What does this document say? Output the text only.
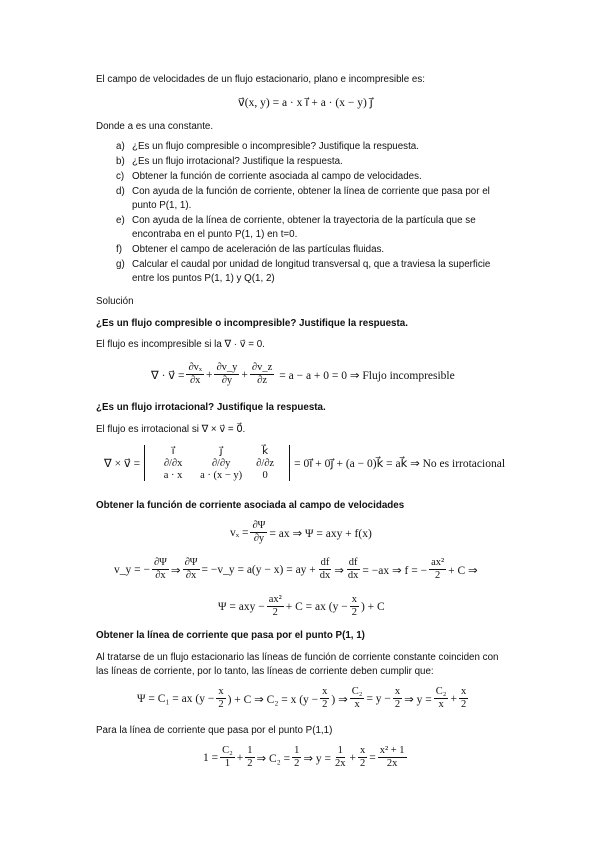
El campo de velocidades de un flujo estacionario, plano e incompresible es:
v⃗(x, y) = a · x i⃗ + a · (x − y) j⃗
Donde a es una constante.
a) ¿Es un flujo compresible o incompresible? Justifique la respuesta.
b) ¿Es un flujo irrotacional? Justifique la respuesta.
c) Obtener la función de corriente asociada al campo de velocidades.
d) Con ayuda de la función de corriente, obtener la línea de corriente que pasa por el
punto P(1, 1).
e) Con ayuda de la línea de corriente, obtener la trayectoria de la partícula que se
encontraba en el punto P(1, 1) en t=0.
f) Obtener el campo de aceleración de las partículas fluidas.
g) Calcular el caudal por unidad de longitud transversal q, que a traviesa la superficie
entre los puntos P(1, 1) y Q(1, 2)
Solución
¿Es un flujo compresible o incompresible? Justifique la respuesta.
El flujo es incompresible si la ∇ · v⃗ = 0.
∇ · v⃗ = $\frac{\text{∂vₓ}}{\partial x} + \frac{\partial v\_y}{\partial y} + \frac{\partial v\_z}{\partial z} = a - a + 0 = 0$ ⇒ Flujo incompresible
¿Es un flujo irrotacional? Justifique la respuesta.
El flujo es irrotacional si ∇ × v⃗ = 0⃗.
∇ × v⃗ =
i⃗	j⃗	k⃗
∂/∂x	∂/∂y	∂/∂z
a · x	a · (x − y)	0
= 0i⃗ + 0j⃗ + (a − 0)k⃗ = ak⃗ ⇒ No es irrotacional
Obtener la función de corriente asociada al campo de velocidades
$v_x = \frac{\partial\Psi}{\partial y}$ = ax ⇒ Ψ = axy + f(x)
v_y = − $\frac{\partial\Psi}{\partial x}$ ⇒ $\frac{\partial\Psi}{\partial x}$ = −v_y = a(y − x) = ay + $\frac{df}{dx}$ ⇒ $\frac{df}{dx} = -ax$ ⇒ f = − $\frac{\text{ax²}}{2} + C$ ⇒
Ψ = axy − $\frac{\text{ax²}}{2} + C$ = ax ($y - \frac{x}{2}$ ) + C
Obtener la línea de corriente que pasa por el punto P(1, 1)
Al tratarse de un flujo estacionario las líneas de función de corriente constante coinciden con
las líneas de corriente, por lo tanto, las líneas de corriente deben cumplir que:
Ψ = C₁ = ax ($y - \frac{x}{2}$ ) + C ⇒ C₂ = x ($y - \frac{x}{2}$ ) ⇒ $\frac{\text{C₂}}{x} = y - \frac{x}{2}$ ⇒ $y = \frac{\text{C₂}}{x} + \frac{x}{2}$
Para la línea de corriente que pasa por el punto P(1,1)
$1 = \frac{\text{C₂}}{1} + \frac{1}{2}$ ⇒ $C_2 = \frac{1}{2}$ ⇒ $y = \frac{1}{2x} + \frac{x}{2} = \frac{\text{x² + 1}}{2x}$
